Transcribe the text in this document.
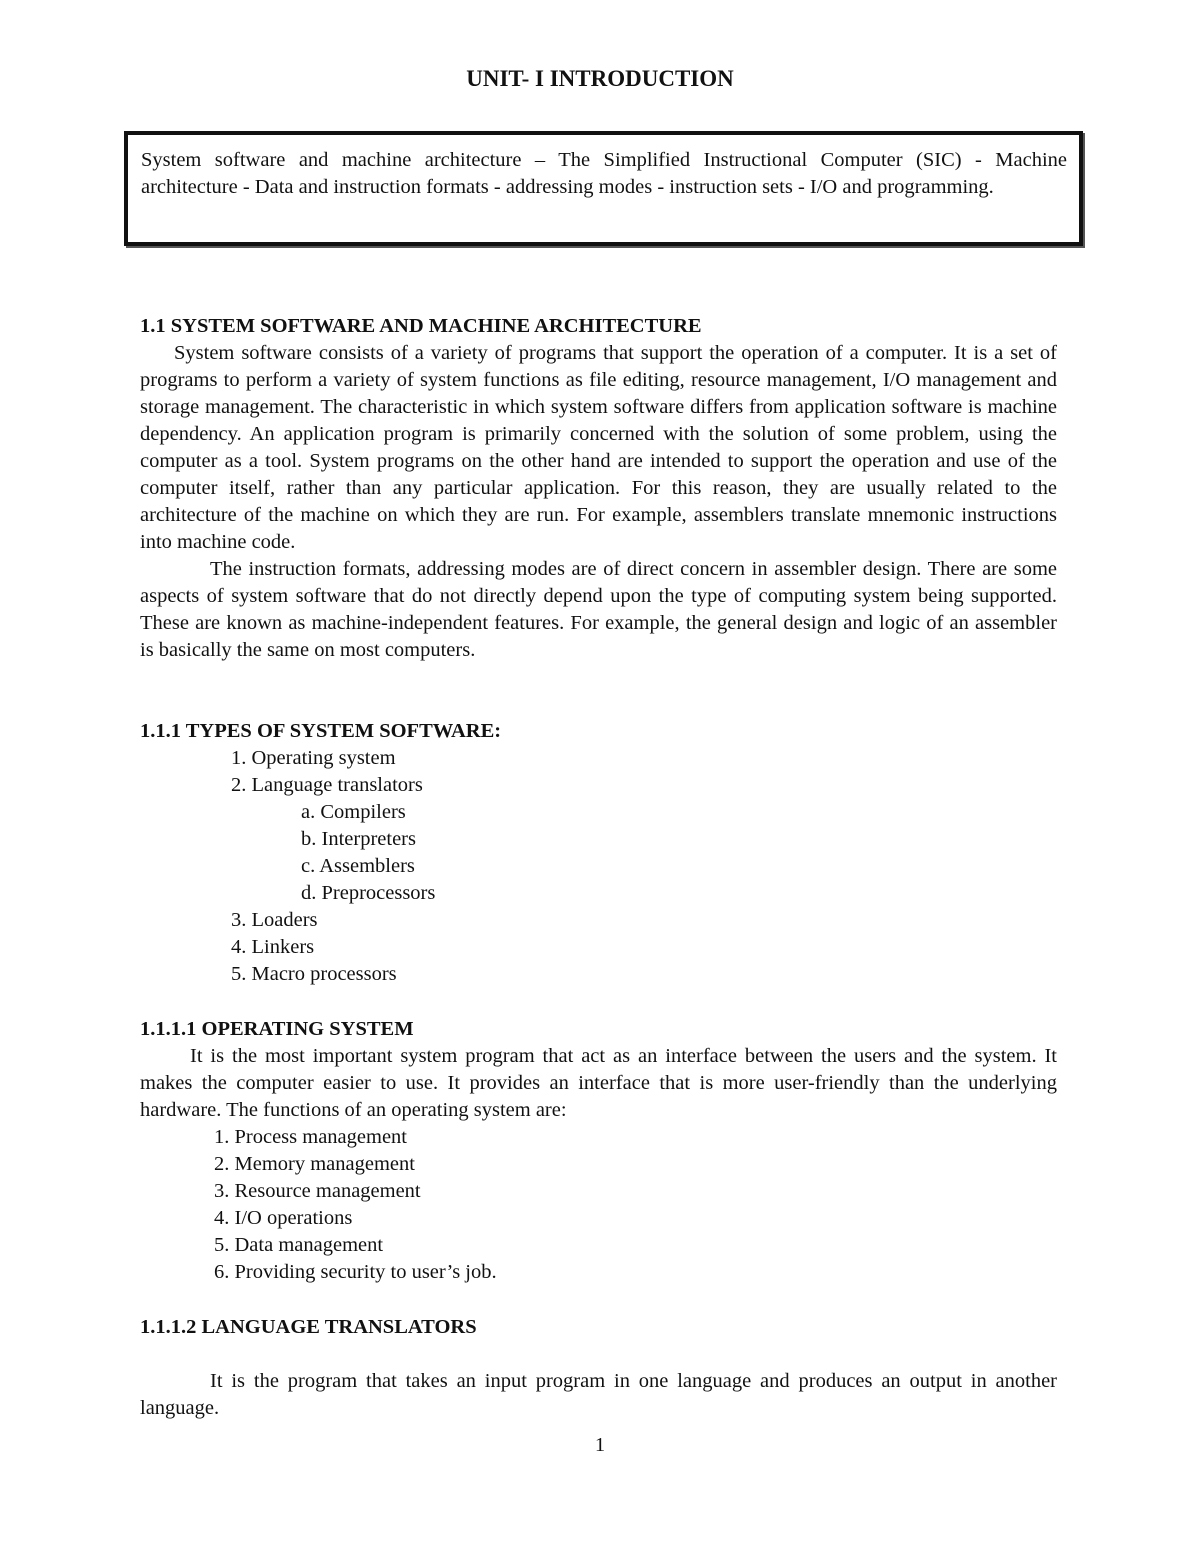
UNIT- I INTRODUCTION
System software and machine architecture – The Simplified Instructional Computer (SIC) - Machine architecture - Data and instruction formats - addressing modes - instruction sets - I/O and programming.
1.1 SYSTEM SOFTWARE AND MACHINE ARCHITECTURE

System software consists of a variety of programs that support the operation of a computer. It is a set of programs to perform a variety of system functions as file editing, resource management, I/O management and storage management. The characteristic in which system software differs from application software is machine dependency. An application program is primarily concerned with the solution of some problem, using the computer as a tool. System programs on the other hand are intended to support the operation and use of the computer itself, rather than any particular application. For this reason, they are usually related to the architecture of the machine on which they are run. For example, assemblers translate mnemonic instructions into machine code.

The instruction formats, addressing modes are of direct concern in assembler design. There are some aspects of system software that do not directly depend upon the type of computing system being supported. These are known as machine-independent features. For example, the general design and logic of an assembler is basically the same on most computers.

1.1.1 TYPES OF SYSTEM SOFTWARE:
1. Operating system
2. Language translators
a. Compilers
b. Interpreters
c. Assemblers
d. Preprocessors
3. Loaders
4. Linkers
5. Macro processors
1.1.1.1 OPERATING SYSTEM

It is the most important system program that act as an interface between the users and the system. It makes the computer easier to use. It provides an interface that is more user-friendly than the underlying hardware. The functions of an operating system are:

1. Process management
2. Memory management
3. Resource management
4. I/O operations
5. Data management
6. Providing security to user’s job.
1.1.1.2 LANGUAGE TRANSLATORS

It is the program that takes an input program in one language and produces an output in another language.

1
